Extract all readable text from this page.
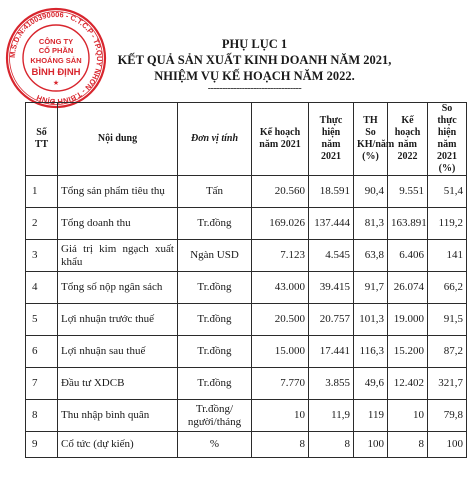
M.S.D.N:4100390006 - C.T.C.P - TP.QUY NHƠN - T.BÌNH ĐỊNH
CÔNG TY
CỔ PHẦN
KHOÁNG SẢN
BÌNH ĐỊNH
★
PHỤ LỤC 1
KẾT QUẢ SẢN XUẤT KINH DOANH NĂM 2021,
NHIỆM VỤ KẾ HOẠCH NĂM 2022.
---------------------------------
Số TT	Nội dung	Đơn vị tính	Kế hoạch năm 2021	Thực hiện năm 2021	TH So KH/năm (%)	Kế hoạch năm 2022	So thực hiện năm 2021 (%)
1	Tổng sản phẩm tiêu thụ	Tấn	20.560	18.591	90,4	9.551	51,4
2	Tổng doanh thu	Tr.đồng	169.026	137.444	81,3	163.891	119,2
3	Giá trị kim ngạch xuất khẩu	Ngàn USD	7.123	4.545	63,8	6.406	141
4	Tổng số nộp ngân sách	Tr.đồng	43.000	39.415	91,7	26.074	66,2
5	Lợi nhuận trước thuế	Tr.đồng	20.500	20.757	101,3	19.000	91,5
6	Lợi nhuận sau thuế	Tr.đồng	15.000	17.441	116,3	15.200	87,2
7	Đầu tư XDCB	Tr.đồng	7.770	3.855	49,6	12.402	321,7
8	Thu nhập bình quân	Tr.đồng/ người/tháng	10	11,9	119	10	79,8
9	Cổ tức (dự kiến)	%	8	8	100	8	100
